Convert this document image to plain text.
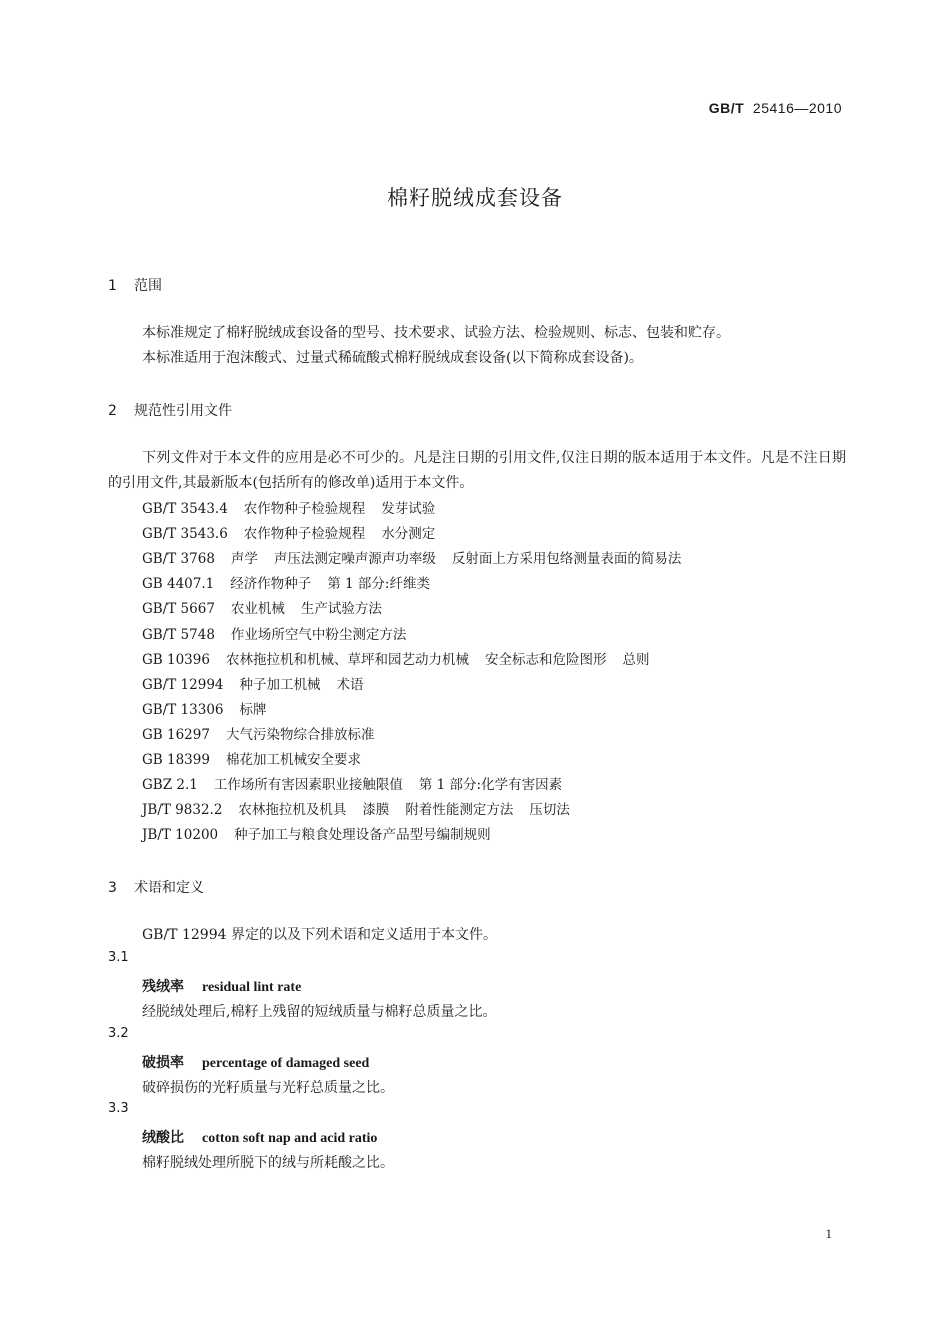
GB/T 25416—2010
棉籽脱绒成套设备
1 范围
本标准规定了棉籽脱绒成套设备的型号、技术要求、试验方法、检验规则、标志、包装和贮存。
本标准适用于泡沫酸式、过量式稀硫酸式棉籽脱绒成套设备(以下简称成套设备)。
2 规范性引用文件
下列文件对于本文件的应用是必不可少的。凡是注日期的引用文件,仅注日期的版本适用于本文件。凡是不注日期的引用文件,其最新版本(包括所有的修改单)适用于本文件。
GB/T 3543.4 农作物种子检验规程 发芽试验
GB/T 3543.6 农作物种子检验规程 水分测定
GB/T 3768 声学 声压法测定噪声源声功率级 反射面上方采用包络测量表面的简易法
GB 4407.1 经济作物种子 第 1 部分:纤维类
GB/T 5667 农业机械 生产试验方法
GB/T 5748 作业场所空气中粉尘测定方法
GB 10396 农林拖拉机和机械、草坪和园艺动力机械 安全标志和危险图形 总则
GB/T 12994 种子加工机械 术语
GB/T 13306 标牌
GB 16297 大气污染物综合排放标准
GB 18399 棉花加工机械安全要求
GBZ 2.1 工作场所有害因素职业接触限值 第 1 部分:化学有害因素
JB/T 9832.2 农林拖拉机及机具 漆膜 附着性能测定方法 压切法
JB/T 10200 种子加工与粮食处理设备产品型号编制规则
3 术语和定义
GB/T 12994 界定的以及下列术语和定义适用于本文件。
3.1
残绒率 residual lint rate
经脱绒处理后,棉籽上残留的短绒质量与棉籽总质量之比。
3.2
破损率 percentage of damaged seed
破碎损伤的光籽质量与光籽总质量之比。
3.3
绒酸比 cotton soft nap and acid ratio
棉籽脱绒处理所脱下的绒与所耗酸之比。
1
